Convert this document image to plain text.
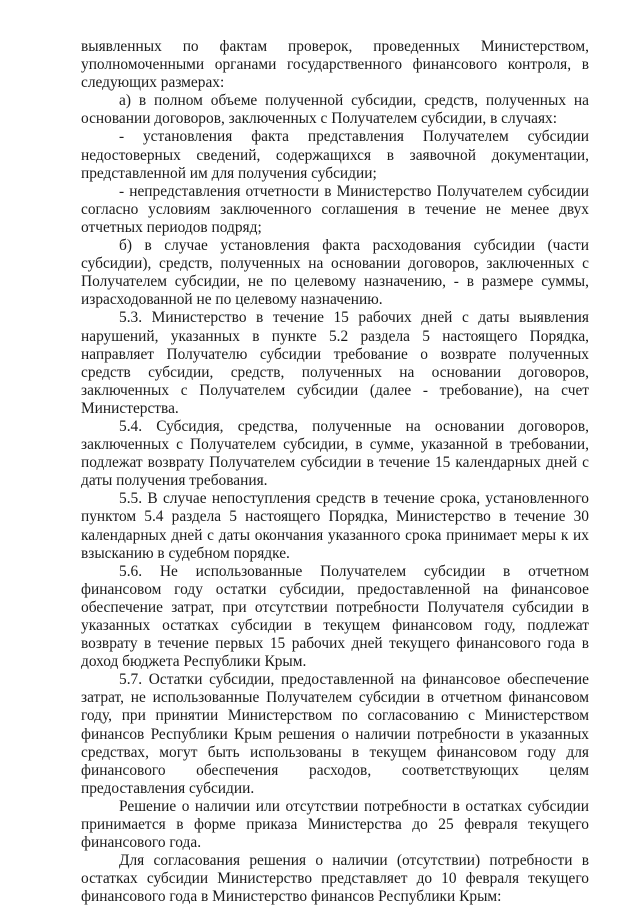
выявленных по фактам проверок, проведенных Министерством, уполномоченными органами государственного финансового контроля, в следующих размерах:

а) в полном объеме полученной субсидии, средств, полученных на основании договоров, заключенных с Получателем субсидии, в случаях:

- установления факта представления Получателем субсидии недостоверных сведений, содержащихся в заявочной документации, представленной им для получения субсидии;

- непредставления отчетности в Министерство Получателем субсидии согласно условиям заключенного соглашения в течение не менее двух отчетных периодов подряд;

б) в случае установления факта расходования субсидии (части субсидии), средств, полученных на основании договоров, заключенных с Получателем субсидии, не по целевому назначению, - в размере суммы, израсходованной не по целевому назначению.

5.3. Министерство в течение 15 рабочих дней с даты выявления нарушений, указанных в пункте 5.2 раздела 5 настоящего Порядка, направляет Получателю субсидии требование о возврате полученных средств субсидии, средств, полученных на основании договоров, заключенных с Получателем субсидии (далее - требование), на счет Министерства.

5.4. Субсидия, средства, полученные на основании договоров, заключенных с Получателем субсидии, в сумме, указанной в требовании, подлежат возврату Получателем субсидии в течение 15 календарных дней с даты получения требования.

5.5. В случае непоступления средств в течение срока, установленного пунктом 5.4 раздела 5 настоящего Порядка, Министерство в течение 30 календарных дней с даты окончания указанного срока принимает меры к их взысканию в судебном порядке.

5.6. Не использованные Получателем субсидии в отчетном финансовом году остатки субсидии, предоставленной на финансовое обеспечение затрат, при отсутствии потребности Получателя субсидии в указанных остатках субсидии в текущем финансовом году, подлежат возврату в течение первых 15 рабочих дней текущего финансового года в доход бюджета Республики Крым.

5.7. Остатки субсидии, предоставленной на финансовое обеспечение затрат, не использованные Получателем субсидии в отчетном финансовом году, при принятии Министерством по согласованию с Министерством финансов Республики Крым решения о наличии потребности в указанных средствах, могут быть использованы в текущем финансовом году для финансового обеспечения расходов, соответствующих целям предоставления субсидии.

Решение о наличии или отсутствии потребности в остатках субсидии принимается в форме приказа Министерства до 25 февраля текущего финансового года.

Для согласования решения о наличии (отсутствии) потребности в остатках субсидии Министерство представляет до 10 февраля текущего финансового года в Министерство финансов Республики Крым:
